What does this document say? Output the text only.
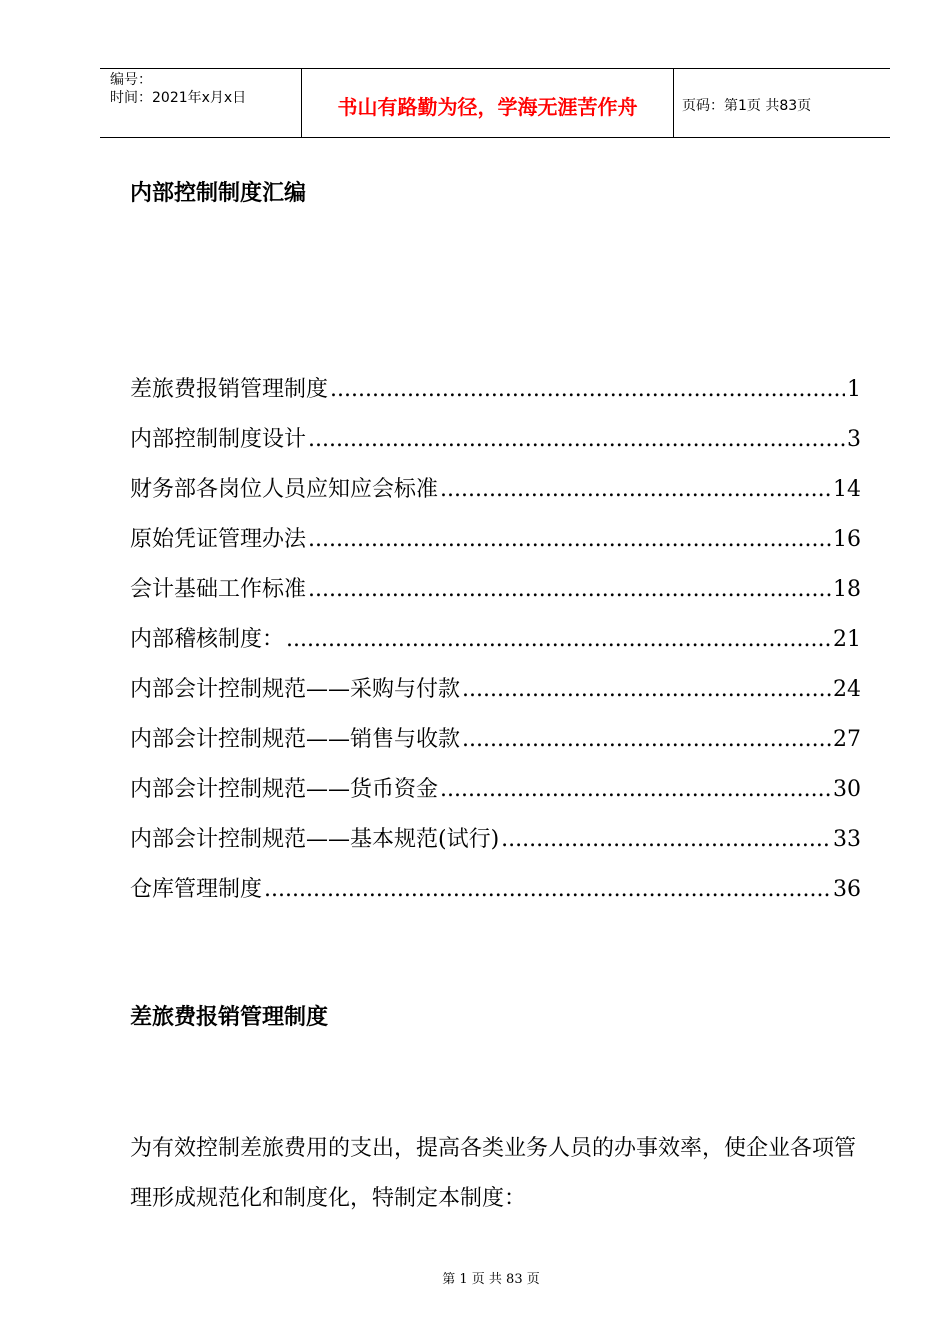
编号：
时间：2021年x月x日	书山有路勤为径，学海无涯苦作舟	页码：第1页 共83页
内部控制制度汇编
差旅费报销管理制度 .....	1
内部控制制度设计 .....	3
财务部各岗位人员应知应会标准 .....	14
原始凭证管理办法 .....	16
会计基础工作标准 .....	18
内部稽核制度： .....	21
内部会计控制规范——采购与付款 .....	24
内部会计控制规范——销售与收款 .....	27
内部会计控制规范——货币资金 .....	30
内部会计控制规范——基本规范(试行) .....	33
仓库管理制度 .....	36
差旅费报销管理制度
为有效控制差旅费用的支出，提高各类业务人员的办事效率，使企业各项管理形成规范化和制度化，特制定本制度：
第 1 页 共 83 页
